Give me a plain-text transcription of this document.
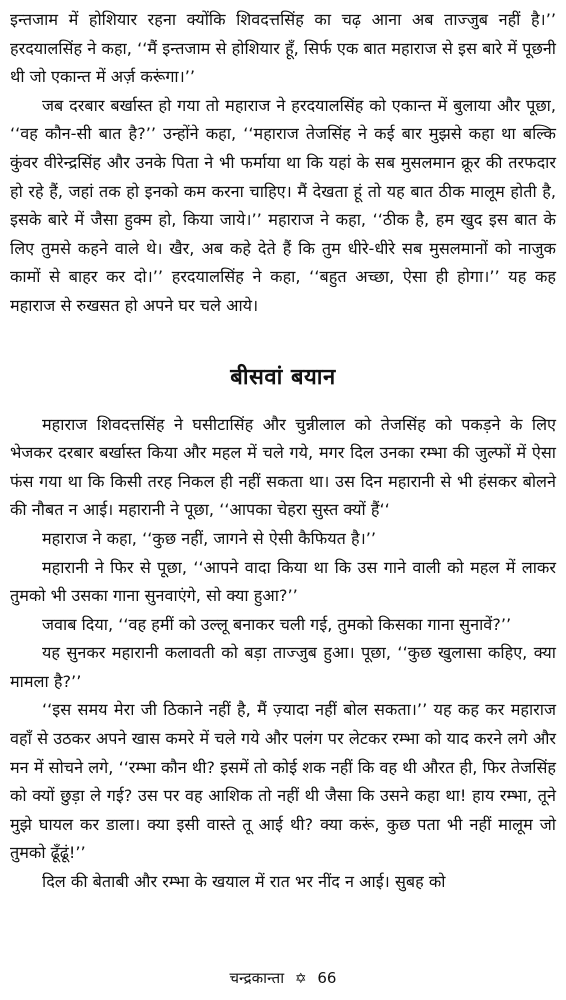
इन्तजाम में होशियार रहना क्योंकि शिवदत्तसिंह का चढ़ आना अब ताज्जुब नहीं है।’’ हरदयालसिंह ने कहा, ‘‘मैं इन्तजाम से होशियार हूँ, सिर्फ एक बात महाराज से इस बारे में पूछनी थी जो एकान्त में अर्ज़ करूंगा।’’

जब दरबार बर्खास्त हो गया तो महाराज ने हरदयालसिंह को एकान्त में बुलाया और पूछा, ‘‘वह कौन-सी बात है?’’ उन्होंने कहा, ‘‘महाराज तेजसिंह ने कई बार मुझसे कहा था बल्कि कुंवर वीरेन्द्रसिंह और उनके पिता ने भी फर्माया था कि यहां के सब मुसलमान क्रूर की तरफदार हो रहे हैं, जहां तक हो इनको कम करना चाहिए। मैं देखता हूं तो यह बात ठीक मालूम होती है, इसके बारे में जैसा हुक्म हो, किया जाये।’’ महाराज ने कहा, ‘‘ठीक है, हम खुद इस बात के लिए तुमसे कहने वाले थे। खैर, अब कहे देते हैं कि तुम धीरे-धीरे सब मुसलमानों को नाजुक कामों से बाहर कर दो।’’ हरदयालसिंह ने कहा, ‘‘बहुत अच्छा, ऐसा ही होगा।’’ यह कह महाराज से रुखसत हो अपने घर चले आये।

बीसवां बयान

महाराज शिवदत्तसिंह ने घसीटासिंह और चुन्नीलाल को तेजसिंह को पकड़ने के लिए भेजकर दरबार बर्खास्त किया और महल में चले गये, मगर दिल उनका रम्भा की जुल्फों में ऐसा फंस गया था कि किसी तरह निकल ही नहीं सकता था। उस दिन महारानी से भी हंसकर बोलने की नौबत न आई। महारानी ने पूछा, ‘‘आपका चेहरा सुस्त क्यों हैं‘‘

महाराज ने कहा, ‘‘कुछ नहीं, जागने से ऐसी कैफियत है।’’

महारानी ने फिर से पूछा, ‘‘आपने वादा किया था कि उस गाने वाली को महल में लाकर तुमको भी उसका गाना सुनवाएंगे, सो क्या हुआ?’’

जवाब दिया, ‘‘वह हमीं को उल्लू बनाकर चली गई, तुमको किसका गाना सुनावें?’’

यह सुनकर महारानी कलावती को बड़ा ताज्जुब हुआ। पूछा, ‘‘कुछ खुलासा कहिए, क्या मामला है?’’

‘‘इस समय मेरा जी ठिकाने नहीं है, मैं ज़्यादा नहीं बोल सकता।’’ यह कह कर महाराज वहाँ से उठकर अपने खास कमरे में चले गये और पलंग पर लेटकर रम्भा को याद करने लगे और मन में सोचने लगे, ‘‘रम्भा कौन थी? इसमें तो कोई शक नहीं कि वह थी औरत ही, फिर तेजसिंह को क्यों छुड़ा ले गई? उस पर वह आशिक तो नहीं थी जैसा कि उसने कहा था! हाय रम्भा, तूने मुझे घायल कर डाला। क्या इसी वास्ते तू आई थी? क्या करूं, कुछ पता भी नहीं मालूम जो तुमको ढूँढूं!’’

दिल की बेताबी और रम्भा के खयाल में रात भर नींद न आई। सुबह को

चन्द्रकान्ता ✡ 66
